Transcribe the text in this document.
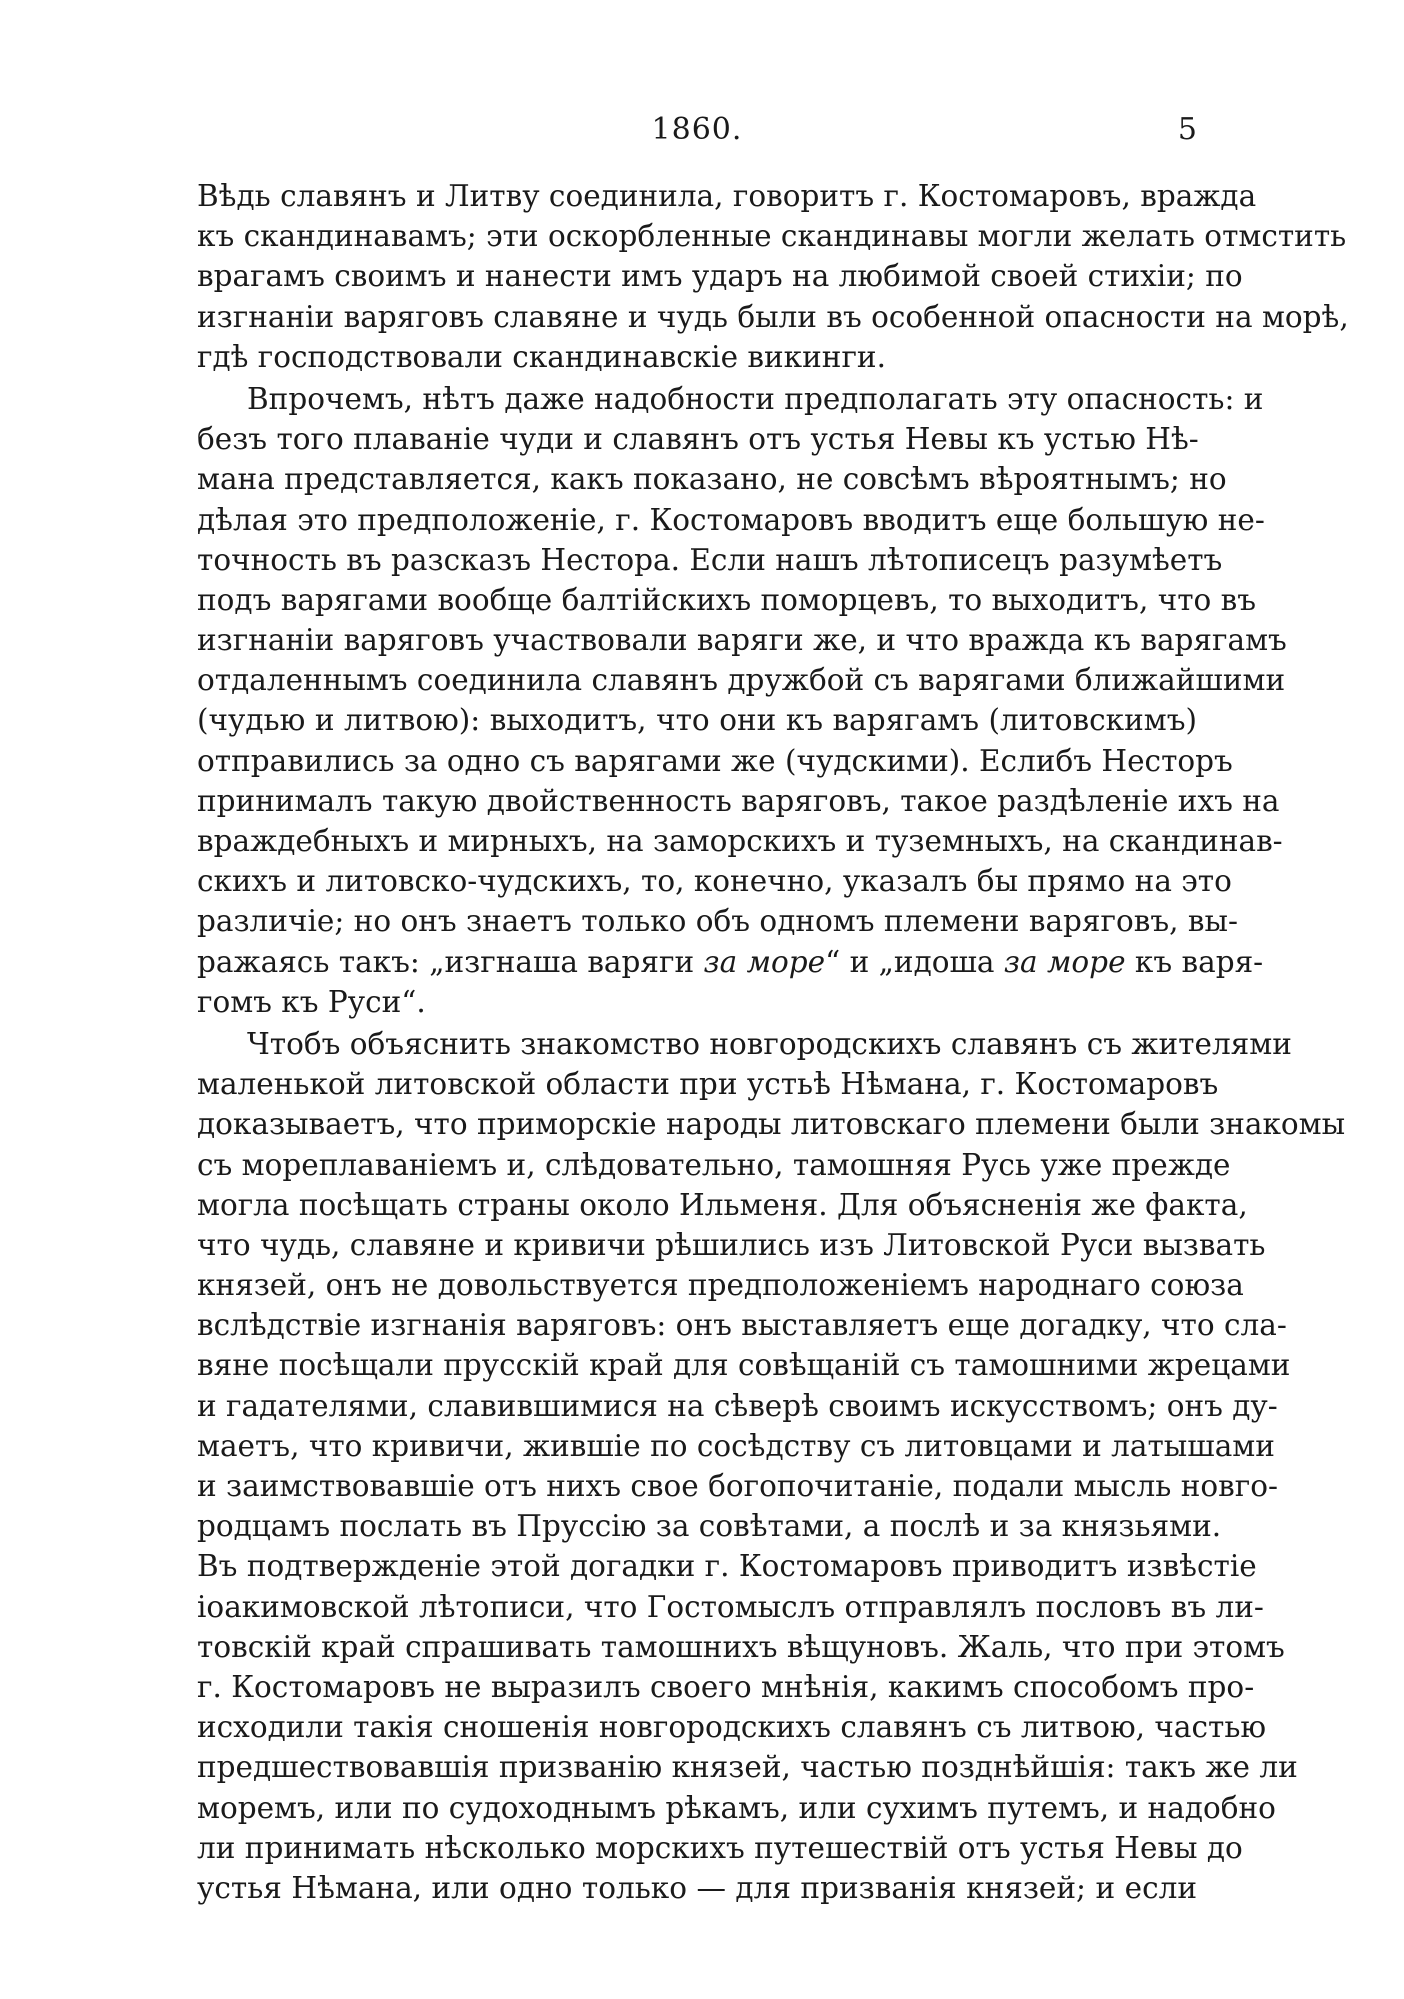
1860.	5
Вѣдь славянъ и Литву соединила, говоритъ г. Костомаровъ, вражда
къ скандинавамъ; эти оскорбленные скандинавы могли желать отмстить
врагамъ своимъ и нанести имъ ударъ на любимой своей стихіи; по
изгнаніи варяговъ славяне и чудь были въ особенной опасности на морѣ,
гдѣ господствовали скандинавскіе викинги.
Впрочемъ, нѣтъ даже надобности предполагать эту опасность: и
безъ того плаваніе чуди и славянъ отъ устья Невы къ устью Нѣ-
мана представляется, какъ показано, не совсѣмъ вѣроятнымъ; но
дѣлая это предположеніе, г. Костомаровъ вводитъ еще большую не-
точность въ разсказъ Нестора. Если нашъ лѣтописецъ разумѣетъ
подъ варягами вообще балтійскихъ поморцевъ, то выходитъ, что въ
изгнаніи варяговъ участвовали варяги же, и что вражда къ варягамъ
отдаленнымъ соединила славянъ дружбой съ варягами ближайшими
(чудью и литвою): выходитъ, что они къ варягамъ (литовскимъ)
отправились за одно съ варягами же (чудскими). Еслибъ Несторъ
принималъ такую двойственность варяговъ, такое раздѣленіе ихъ на
враждебныхъ и мирныхъ, на заморскихъ и туземныхъ, на скандинав-
скихъ и литовско-чудскихъ, то, конечно, указалъ бы прямо на это
различіе; но онъ знаетъ только объ одномъ племени варяговъ, вы-
ражаясь такъ: „изгнаша варяги за море“ и „идоша за море къ варя-
гомъ къ Руси“.
Чтобъ объяснить знакомство новгородскихъ славянъ съ жителями
маленькой литовской области при устьѣ Нѣмана, г. Костомаровъ
доказываетъ, что приморскіе народы литовскаго племени были знакомы
съ мореплаваніемъ и, слѣдовательно, тамошняя Русь уже прежде
могла посѣщать страны около Ильменя. Для объясненія же факта,
что чудь, славяне и кривичи рѣшились изъ Литовской Руси вызвать
князей, онъ не довольствуется предположеніемъ народнаго союза
вслѣдствіе изгнанія варяговъ: онъ выставляетъ еще догадку, что сла-
вяне посѣщали прусскій край для совѣщаній съ тамошними жрецами
и гадателями, славившимися на сѣверѣ своимъ искусствомъ; онъ ду-
маетъ, что кривичи, жившіе по сосѣдству съ литовцами и латышами
и заимствовавшіе отъ нихъ свое богопочитаніе, подали мысль новго-
родцамъ послать въ Пруссію за совѣтами, а послѣ и за князьями.
Въ подтвержденіе этой догадки г. Костомаровъ приводитъ извѣстіе
іоакимовской лѣтописи, что Гостомыслъ отправлялъ пословъ въ ли-
товскій край спрашивать тамошнихъ вѣщуновъ. Жаль, что при этомъ
г. Костомаровъ не выразилъ своего мнѣнія, какимъ способомъ про-
исходили такія сношенія новгородскихъ славянъ съ литвою, частью
предшествовавшія призванію князей, частью позднѣйшія: такъ же ли
моремъ, или по судоходнымъ рѣкамъ, или сухимъ путемъ, и надобно
ли принимать нѣсколько морскихъ путешествій отъ устья Невы до
устья Нѣмана, или одно только — для призванія князей; и если
